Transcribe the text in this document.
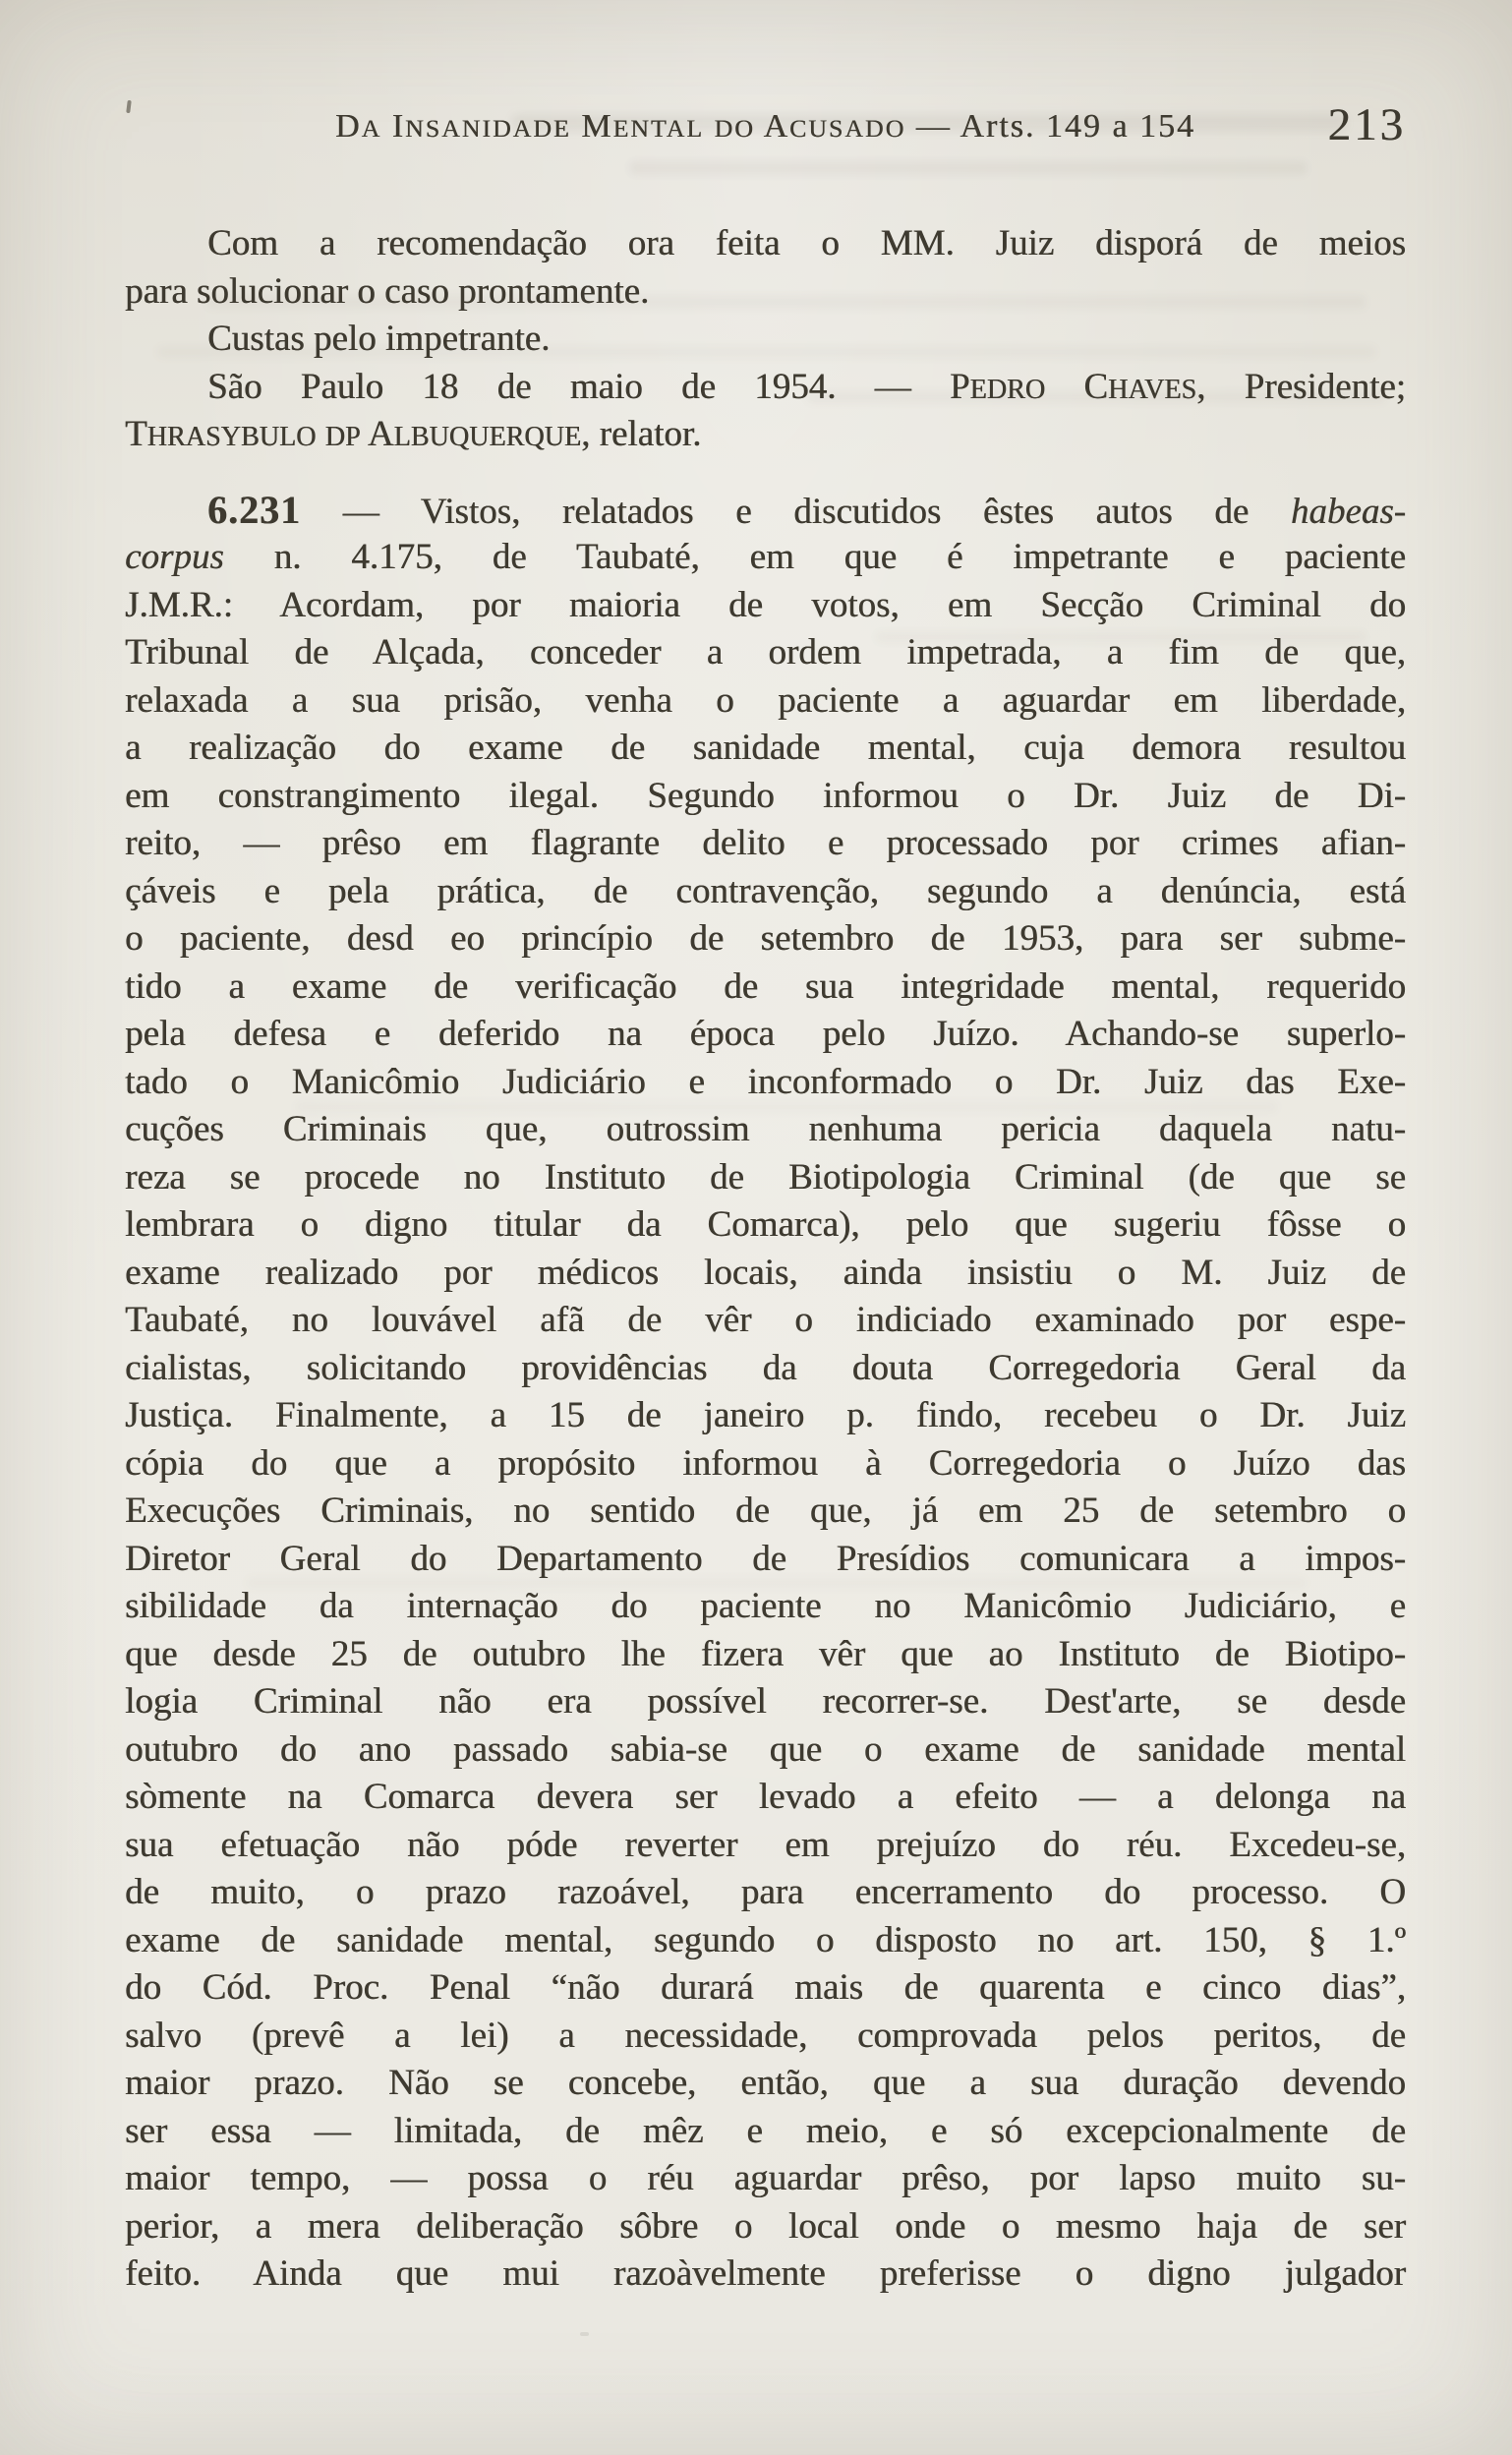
DA INSANIDADE MENTAL DO ACUSADO — Arts. 149 a 154	213
Com a recomendação ora feita o MM. Juiz disporá de meios
para solucionar o caso prontamente.
Custas pelo impetrante.
São Paulo 18 de maio de 1954. — PEDRO CHAVES, Presidente;
THRASYBULO DP ALBUQUERQUE, relator.
6.231 — Vistos, relatados e discutidos êstes autos de habeas-
corpus n. 4.175, de Taubaté, em que é impetrante e paciente
J.M.R.: Acordam, por maioria de votos, em Secção Criminal do
Tribunal de Alçada, conceder a ordem impetrada, a fim de que,
relaxada a sua prisão, venha o paciente a aguardar em liberdade,
a realização do exame de sanidade mental, cuja demora resultou
em constrangimento ilegal. Segundo informou o Dr. Juiz de Di-
reito, — prêso em flagrante delito e processado por crimes afian-
çáveis e pela prática, de contravenção, segundo a denúncia, está
o paciente, desd eo princípio de setembro de 1953, para ser subme-
tido a exame de verificação de sua integridade mental, requerido
pela defesa e deferido na época pelo Juízo. Achando-se superlo-
tado o Manicômio Judiciário e inconformado o Dr. Juiz das Exe-
cuções Criminais que, outrossim nenhuma pericia daquela natu-
reza se procede no Instituto de Biotipologia Criminal (de que se
lembrara o digno titular da Comarca), pelo que sugeriu fôsse o
exame realizado por médicos locais, ainda insistiu o M. Juiz de
Taubaté, no louvável afã de vêr o indiciado examinado por espe-
cialistas, solicitando providências da douta Corregedoria Geral da
Justiça. Finalmente, a 15 de janeiro p. findo, recebeu o Dr. Juiz
cópia do que a propósito informou à Corregedoria o Juízo das
Execuções Criminais, no sentido de que, já em 25 de setembro o
Diretor Geral do Departamento de Presídios comunicara a impos-
sibilidade da internação do paciente no Manicômio Judiciário, e
que desde 25 de outubro lhe fizera vêr que ao Instituto de Biotipo-
logia Criminal não era possível recorrer-se. Dest'arte, se desde
outubro do ano passado sabia-se que o exame de sanidade mental
sòmente na Comarca devera ser levado a efeito — a delonga na
sua efetuação não póde reverter em prejuízo do réu. Excedeu-se,
de muito, o prazo razoável, para encerramento do processo. O
exame de sanidade mental, segundo o disposto no art. 150, § 1.º
do Cód. Proc. Penal “não durará mais de quarenta e cinco dias”,
salvo (prevê a lei) a necessidade, comprovada pelos peritos, de
maior prazo. Não se concebe, então, que a sua duração devendo
ser essa — limitada, de mêz e meio, e só excepcionalmente de
maior tempo, — possa o réu aguardar prêso, por lapso muito su-
perior, a mera deliberação sôbre o local onde o mesmo haja de ser
feito. Ainda que mui razoàvelmente preferisse o digno julgador
